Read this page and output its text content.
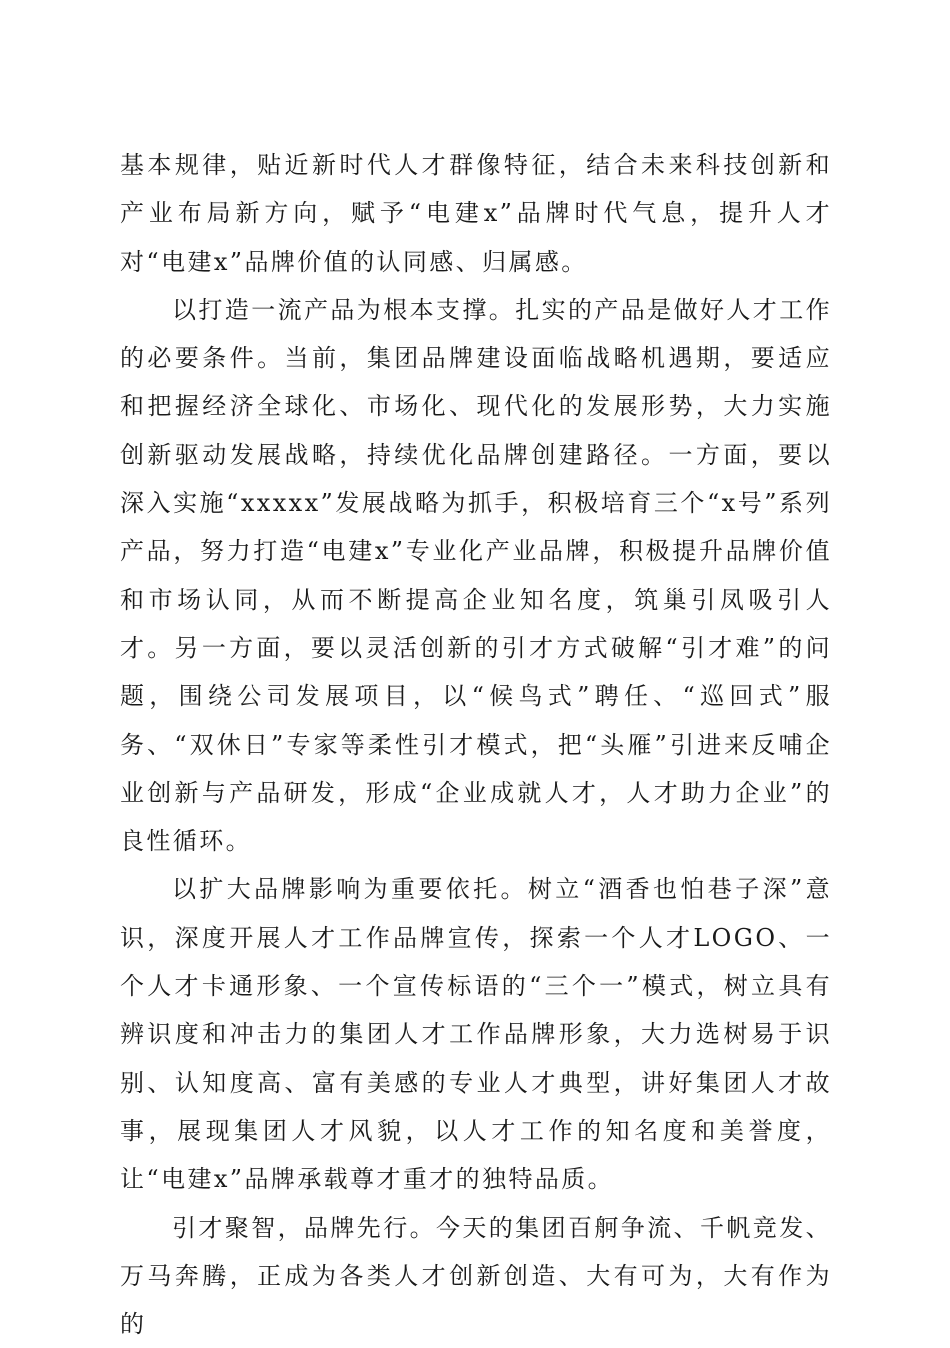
基本规律，贴近新时代人才群像特征，结合未来科技创新和产业布局新方向，赋予“电建x”品牌时代气息，提升人才对“电建x”品牌价值的认同感、归属感。

以打造一流产品为根本支撑。扎实的产品是做好人才工作的必要条件。当前，集团品牌建设面临战略机遇期，要适应和把握经济全球化、市场化、现代化的发展形势，大力实施创新驱动发展战略，持续优化品牌创建路径。一方面，要以深入实施“xxxxx”发展战略为抓手，积极培育三个“x号”系列产品，努力打造“电建x”专业化产业品牌，积极提升品牌价值和市场认同，从而不断提高企业知名度，筑巢引凤吸引人才。另一方面，要以灵活创新的引才方式破解“引才难”的问题，围绕公司发展项目，以“候鸟式”聘任、“巡回式”服务、“双休日”专家等柔性引才模式，把“头雁”引进来反哺企业创新与产品研发，形成“企业成就人才，人才助力企业”的良性循环。

以扩大品牌影响为重要依托。树立“酒香也怕巷子深”意识，深度开展人才工作品牌宣传，探索一个人才LOGO、一个人才卡通形象、一个宣传标语的“三个一”模式，树立具有辨识度和冲击力的集团人才工作品牌形象，大力选树易于识别、认知度高、富有美感的专业人才典型，讲好集团人才故事，展现集团人才风貌，以人才工作的知名度和美誉度，让“电建x”品牌承载尊才重才的独特品质。

引才聚智，品牌先行。今天的集团百舸争流、千帆竞发、万马奔腾，正成为各类人才创新创造、大有可为，大有作为的
